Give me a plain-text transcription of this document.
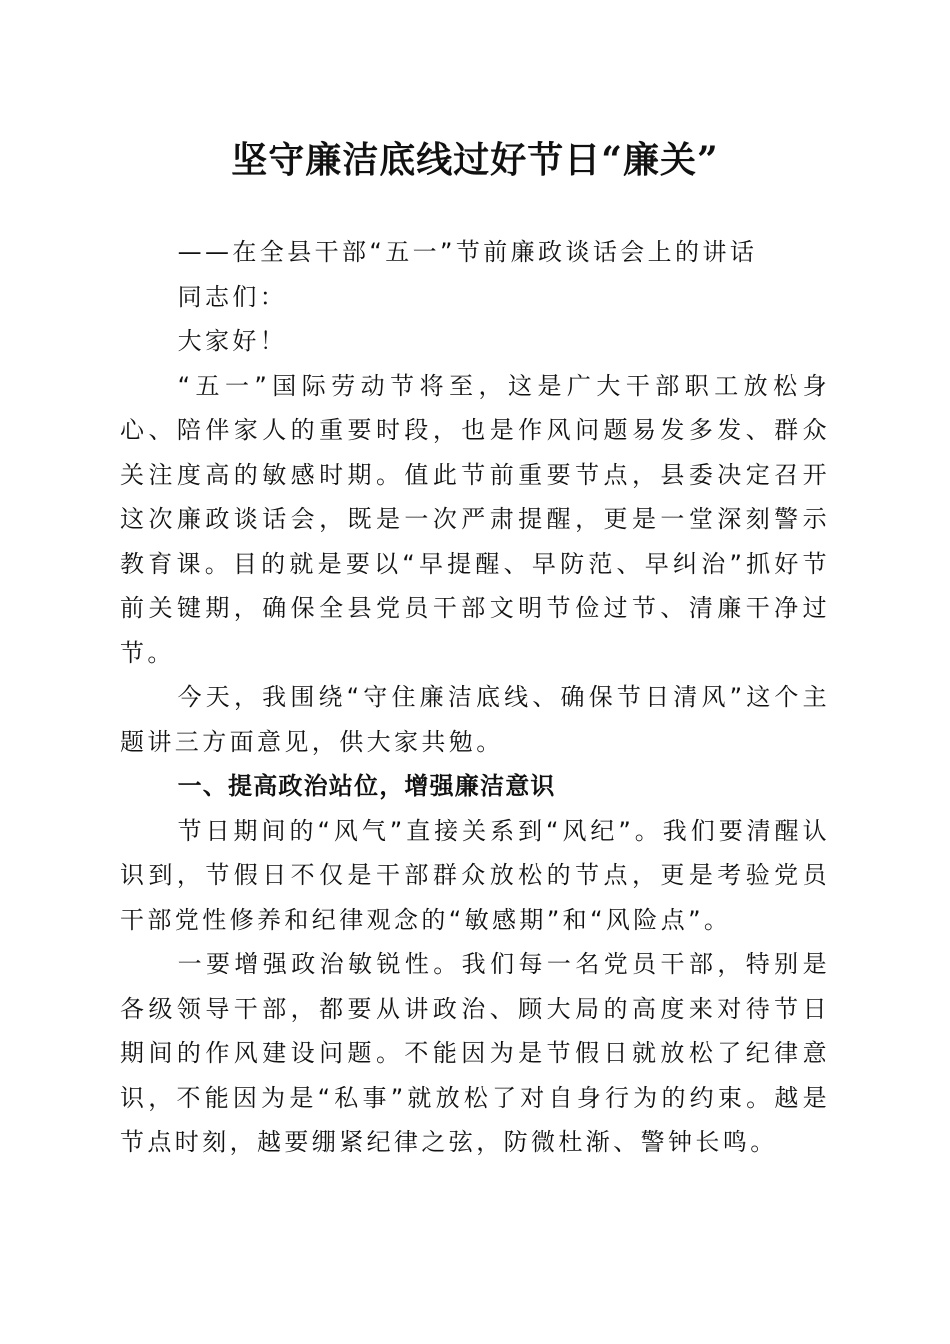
坚守廉洁底线过好节日“廉关”

——在全县干部“五一”节前廉政谈话会上的讲话

同志们：

大家好！

“五一”国际劳动节将至，这是广大干部职工放松身心、陪伴家人的重要时段，也是作风问题易发多发、群众关注度高的敏感时期。值此节前重要节点，县委决定召开这次廉政谈话会，既是一次严肃提醒，更是一堂深刻警示教育课。目的就是要以“早提醒、早防范、早纠治”抓好节前关键期，确保全县党员干部文明节俭过节、清廉干净过节。

今天，我围绕“守住廉洁底线、确保节日清风”这个主题讲三方面意见，供大家共勉。

一、提高政治站位，增强廉洁意识

节日期间的“风气”直接关系到“风纪”。我们要清醒认识到，节假日不仅是干部群众放松的节点，更是考验党员干部党性修养和纪律观念的“敏感期”和“风险点”。

一要增强政治敏锐性。我们每一名党员干部，特别是各级领导干部，都要从讲政治、顾大局的高度来对待节日期间的作风建设问题。不能因为是节假日就放松了纪律意识，不能因为是“私事”就放松了对自身行为的约束。越是节点时刻，越要绷紧纪律之弦，防微杜渐、警钟长鸣。
